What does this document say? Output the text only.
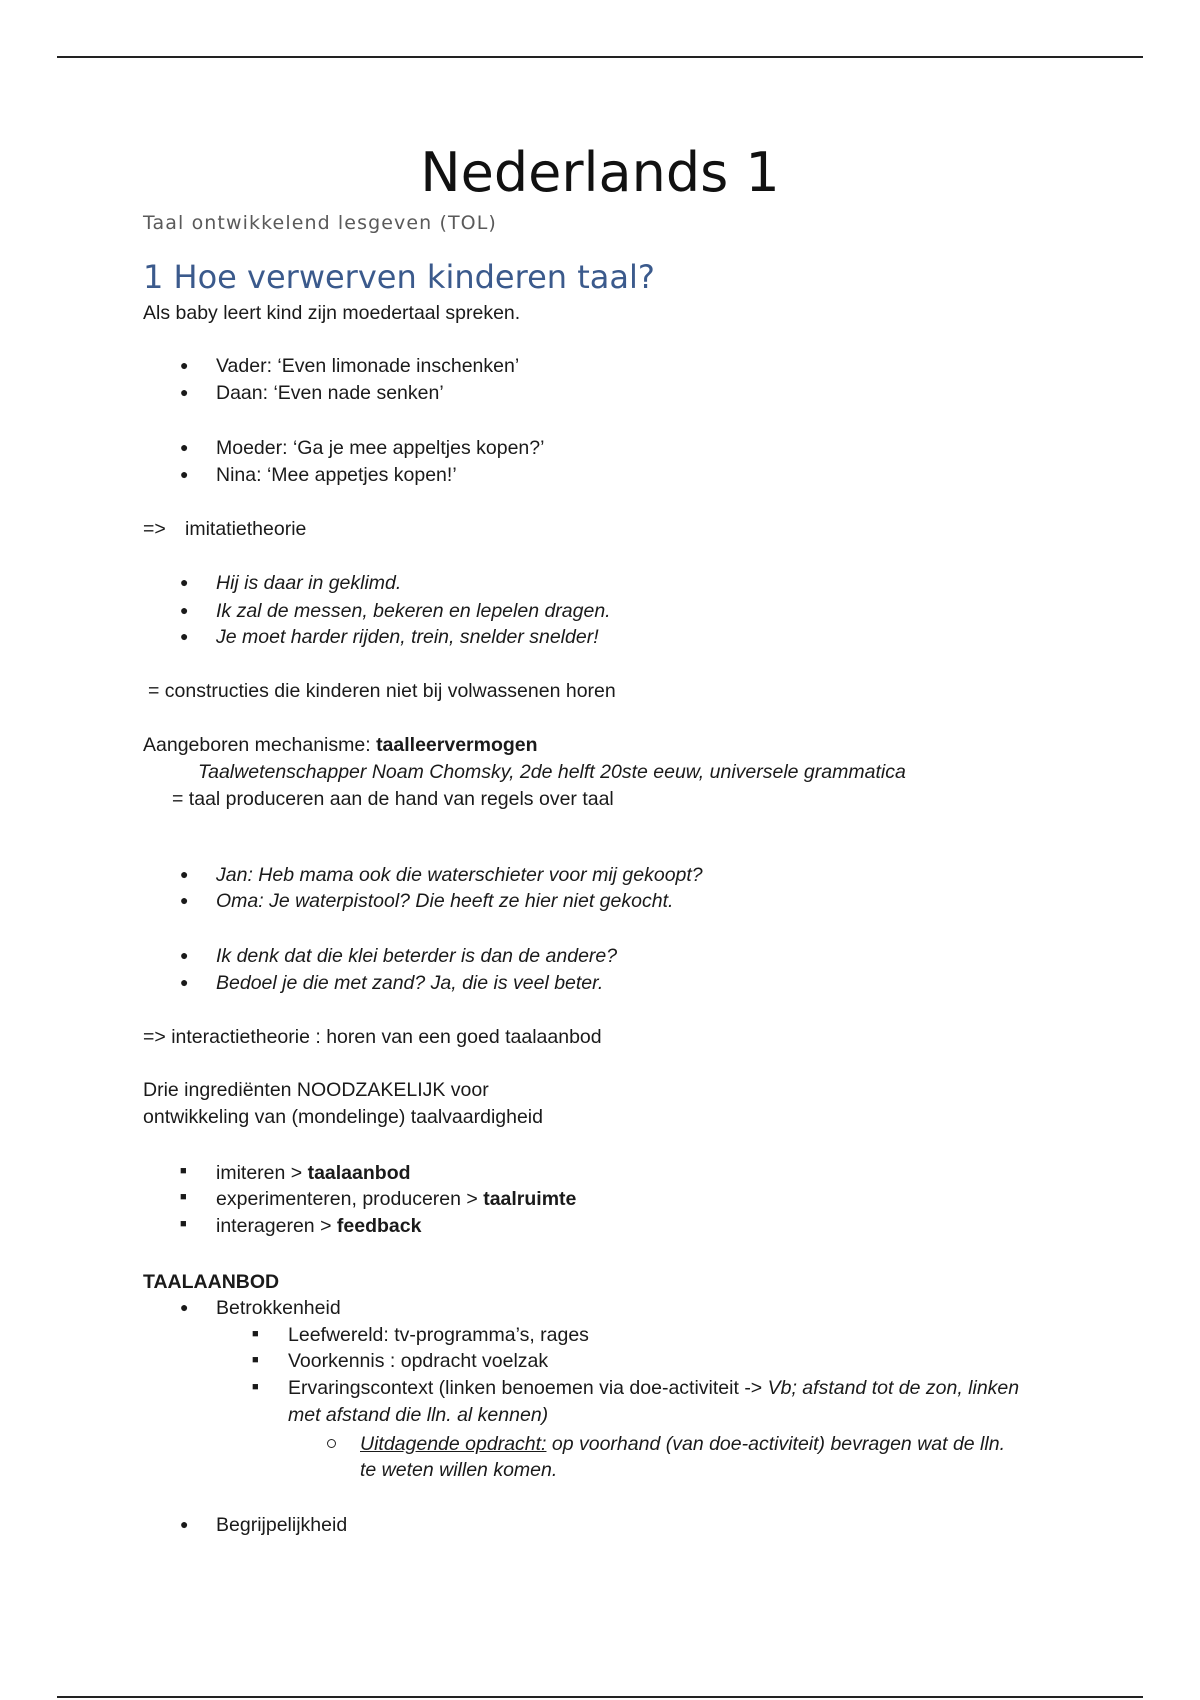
Nederlands 1
Taal ontwikkelend lesgeven (TOL)
1 Hoe verwerven kinderen taal?
Als baby leert kind zijn moedertaal spreken.
● Vader: ‘Even limonade inschenken’
● Daan: ‘Even nade senken’
● Moeder: ‘Ga je mee appeltjes kopen?’
● Nina: ‘Mee appetjes kopen!’
=> imitatietheorie
● Hij is daar in geklimd.
● Ik zal de messen, bekeren en lepelen dragen.
● Je moet harder rijden, trein, snelder snelder!
= constructies die kinderen niet bij volwassenen horen
Aangeboren mechanisme: taalleervermogen
Taalwetenschapper Noam Chomsky, 2de helft 20ste eeuw, universele grammatica
= taal produceren aan de hand van regels over taal
● Jan: Heb mama ook die waterschieter voor mij gekoopt?
● Oma: Je waterpistool? Die heeft ze hier niet gekocht.
● Ik denk dat die klei beterder is dan de andere?
● Bedoel je die met zand? Ja, die is veel beter.
=> interactietheorie : horen van een goed taalaanbod
Drie ingrediënten NOODZAKELIJK voor
ontwikkeling van (mondelinge) taalvaardigheid
■ imiteren > taalaanbod
■ experimenteren, produceren > taalruimte
■ interageren > feedback
TAALAANBOD
● Betrokkenheid
■ Leefwereld: tv-programma’s, rages
■ Voorkennis : opdracht voelzak
■ Ervaringscontext (linken benoemen via doe-activiteit -> Vb; afstand tot de zon, linken
met afstand die lln. al kennen)
Uitdagende opdracht: op voorhand (van doe-activiteit) bevragen wat de lln.
te weten willen komen.
● Begrijpelijkheid
